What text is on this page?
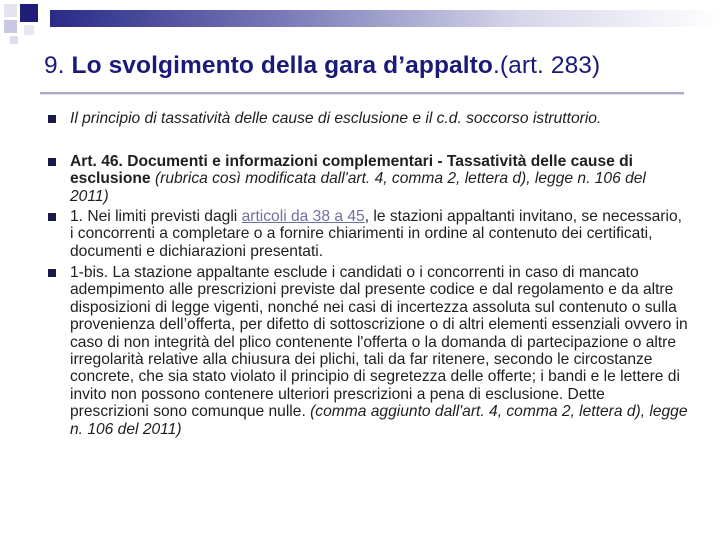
9. Lo svolgimento della gara d’appalto.(art. 283)
Il principio di tassatività delle cause di esclusione e il c.d. soccorso istruttorio.
Art. 46. Documenti e informazioni complementari - Tassatività delle cause di esclusione (rubrica così modificata dall'art. 4, comma 2, lettera d), legge n. 106 del 2011)
1. Nei limiti previsti dagli articoli da 38 a 45, le stazioni appaltanti invitano, se necessario, i concorrenti a completare o a fornire chiarimenti in ordine al contenuto dei certificati, documenti e dichiarazioni presentati.
1-bis. La stazione appaltante esclude i candidati o i concorrenti in caso di mancato adempimento alle prescrizioni previste dal presente codice e dal regolamento e da altre disposizioni di legge vigenti, nonché nei casi di incertezza assoluta sul contenuto o sulla provenienza dell’offerta, per difetto di sottoscrizione o di altri elementi essenziali ovvero in caso di non integrità del plico contenente l'offerta o la domanda di partecipazione o altre irregolarità relative alla chiusura dei plichi, tali da far ritenere, secondo le circostanze concrete, che sia stato violato il principio di segretezza delle offerte; i bandi e le lettere di invito non possono contenere ulteriori prescrizioni a pena di esclusione. Dette prescrizioni sono comunque nulle. (comma aggiunto dall'art. 4, comma 2, lettera d), legge n. 106 del 2011)
